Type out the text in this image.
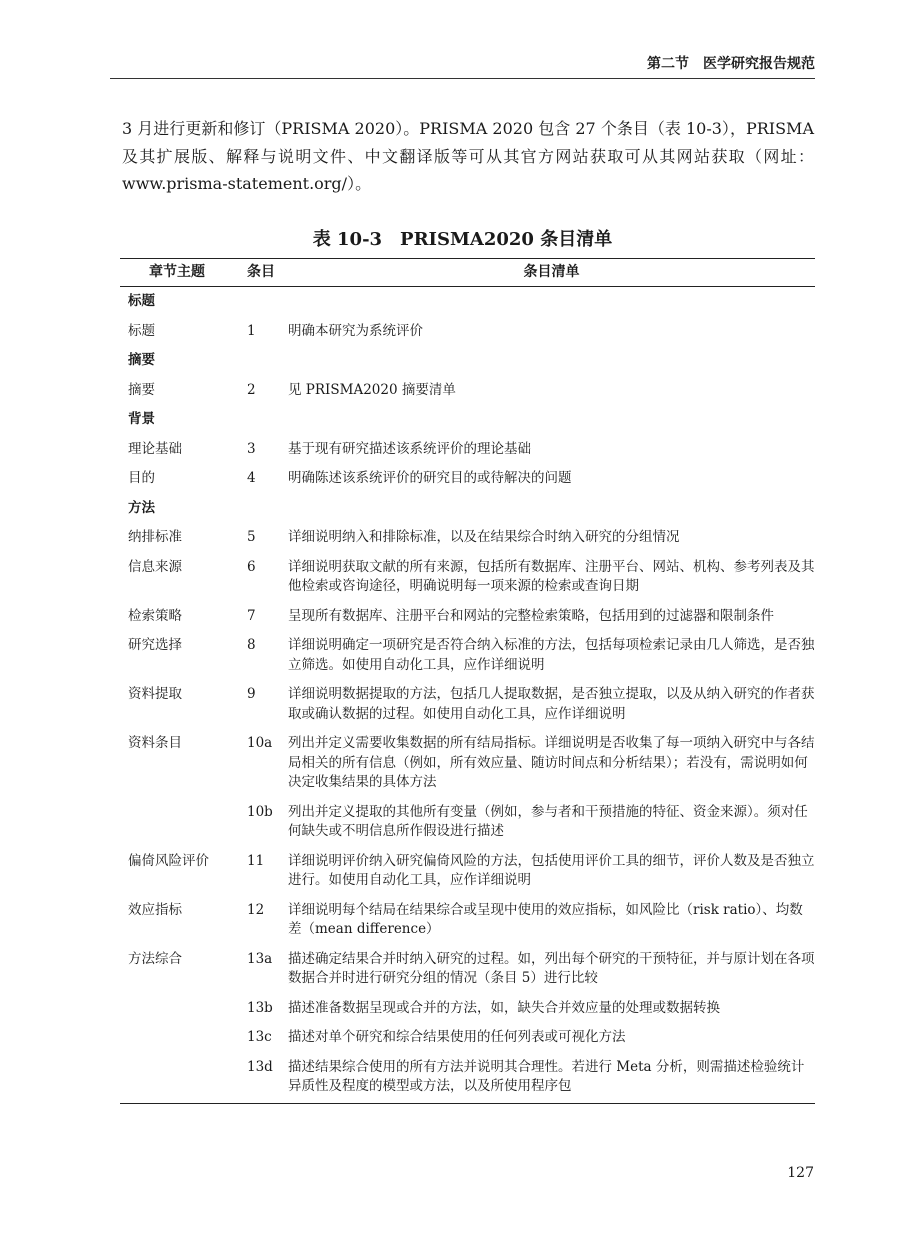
第二节　医学研究报告规范
3 月进行更新和修订（PRISMA 2020）。PRISMA 2020 包含 27 个条目（表 10-3），PRISMA 及其扩展版、解释与说明文件、中文翻译版等可从其官方网站获取可从其网站获取（网址：www.prisma-statement.org/）。
表 10-3　PRISMA2020 条目清单
章节主题	条目	条目清单
标题		
标题	1	明确本研究为系统评价
摘要		
摘要	2	见 PRISMA2020 摘要清单
背景		
理论基础	3	基于现有研究描述该系统评价的理论基础
目的	4	明确陈述该系统评价的研究目的或待解决的问题
方法		
纳排标准	5	详细说明纳入和排除标准，以及在结果综合时纳入研究的分组情况
信息来源	6	详细说明获取文献的所有来源，包括所有数据库、注册平台、网站、机构、参考列表及其他检索或咨询途径，明确说明每一项来源的检索或查询日期
检索策略	7	呈现所有数据库、注册平台和网站的完整检索策略，包括用到的过滤器和限制条件
研究选择	8	详细说明确定一项研究是否符合纳入标准的方法，包括每项检索记录由几人筛选，是否独立筛选。如使用自动化工具，应作详细说明
资料提取	9	详细说明数据提取的方法，包括几人提取数据，是否独立提取，以及从纳入研究的作者获取或确认数据的过程。如使用自动化工具，应作详细说明
资料条目	10a	列出并定义需要收集数据的所有结局指标。详细说明是否收集了每一项纳入研究中与各结局相关的所有信息（例如，所有效应量、随访时间点和分析结果）；若没有，需说明如何决定收集结果的具体方法
	10b	列出并定义提取的其他所有变量（例如，参与者和干预措施的特征、资金来源）。须对任何缺失或不明信息所作假设进行描述
偏倚风险评价	11	详细说明评价纳入研究偏倚风险的方法，包括使用评价工具的细节，评价人数及是否独立进行。如使用自动化工具，应作详细说明
效应指标	12	详细说明每个结局在结果综合或呈现中使用的效应指标，如风险比（risk ratio）、均数差（mean difference）
方法综合	13a	描述确定结果合并时纳入研究的过程。如，列出每个研究的干预特征，并与原计划在各项数据合并时进行研究分组的情况（条目 5）进行比较
	13b	描述准备数据呈现或合并的方法，如，缺失合并效应量的处理或数据转换
	13c	描述对单个研究和综合结果使用的任何列表或可视化方法
	13d	描述结果综合使用的所有方法并说明其合理性。若进行 Meta 分析，则需描述检验统计异质性及程度的模型或方法，以及所使用程序包
127
